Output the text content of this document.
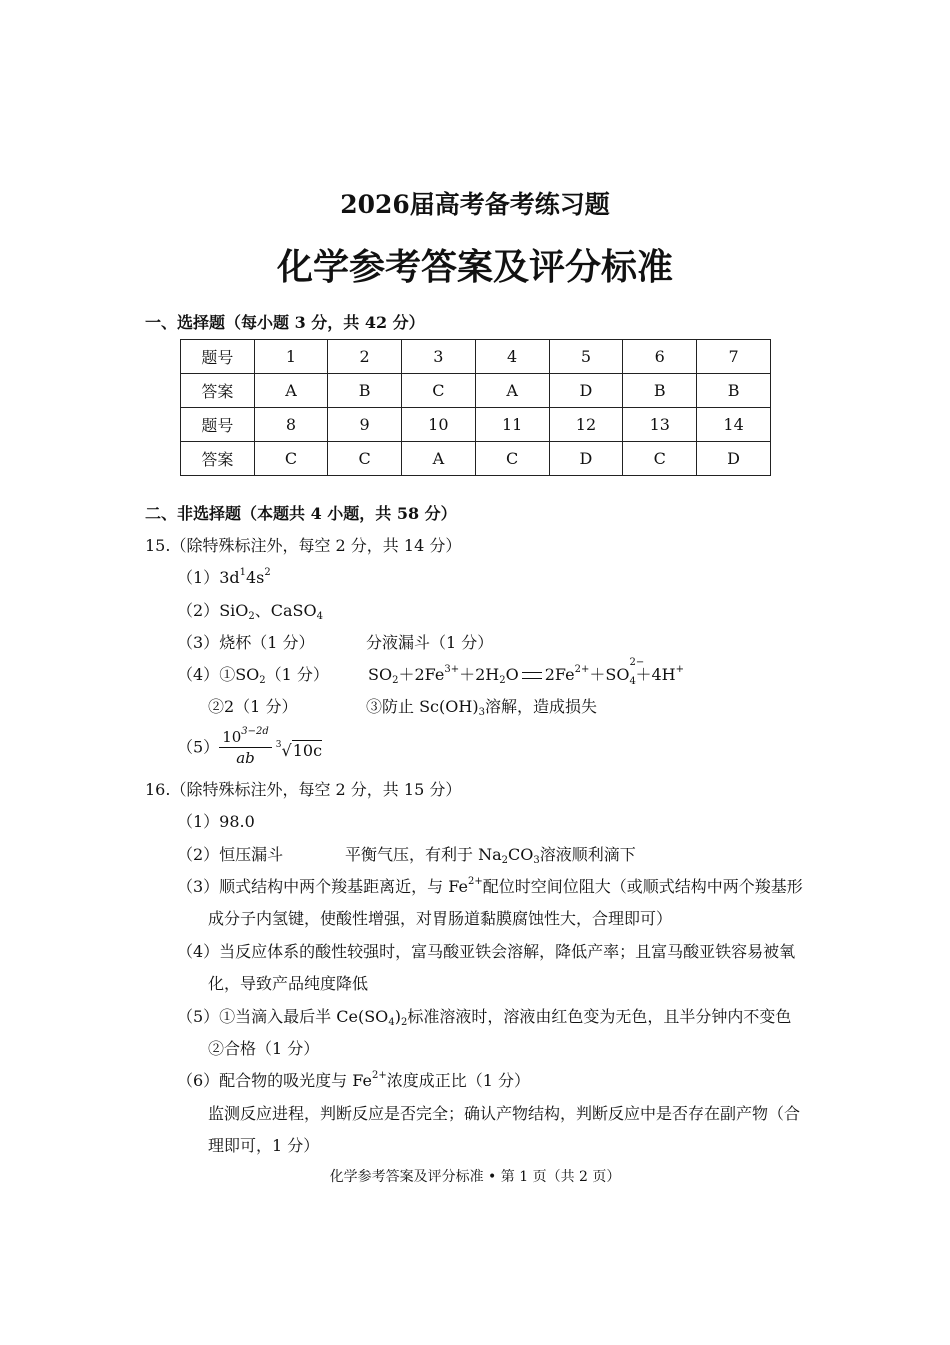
2026届高考备考练习题
化学参考答案及评分标准
一、选择题（每小题 3 分，共 42 分）
题号	1	2	3	4	5	6	7
答案	A	B	C	A	D	B	B
题号	8	9	10	11	12	13	14
答案	C	C	A	C	D	C	D
二、非选择题（本题共 4 小题，共 58 分）
15.（除特殊标注外，每空 2 分，共 14 分）
$(1)3d^14s^2$
（2）SiO$_2$、CaSO$_4$
（3）烧杯（1 分）	分液漏斗（1 分）
$(4)①SO_2(1$ 分） $SO_2+2Fe^{3+}+2H_2O$ $2Fe^{2+}+SO$
2−
4 ＋4H+
②2（1 分）	③防止 $Sc(OH)_3$溶解，造成损失
$(5) \frac{10^{3-2d}}{ab} ^3√10c$
16.（除特殊标注外，每空 2 分，共 15 分）
（1）98.0
（2）恒压漏斗	平衡气压，有利于 $Na_2CO_3$溶液顺利滴下
（3）顺式结构中两个羧基距离近，与 $Fe^{2+}$配位时空间位阻大（或顺式结构中两个羧基形
成分子内氢键，使酸性增强，对胃肠道黏膜腐蚀性大，合理即可）
（4）当反应体系的酸性较强时，富马酸亚铁会溶解，降低产率；且富马酸亚铁容易被氧
化，导致产品纯度降低
（5）①当滴入最后半 $Ce(SO_4)_2$标准溶液时，溶液由红色变为无色，且半分钟内不变色
②合格（1 分）
（6）配合物的吸光度与 $Fe^{2+}$浓度成正比（1 分）
监测反应进程，判断反应是否完全；确认产物结构，判断反应中是否存在副产物（合
理即可，1 分）
化学参考答案及评分标准 • 第 1 页（共 2 页）
